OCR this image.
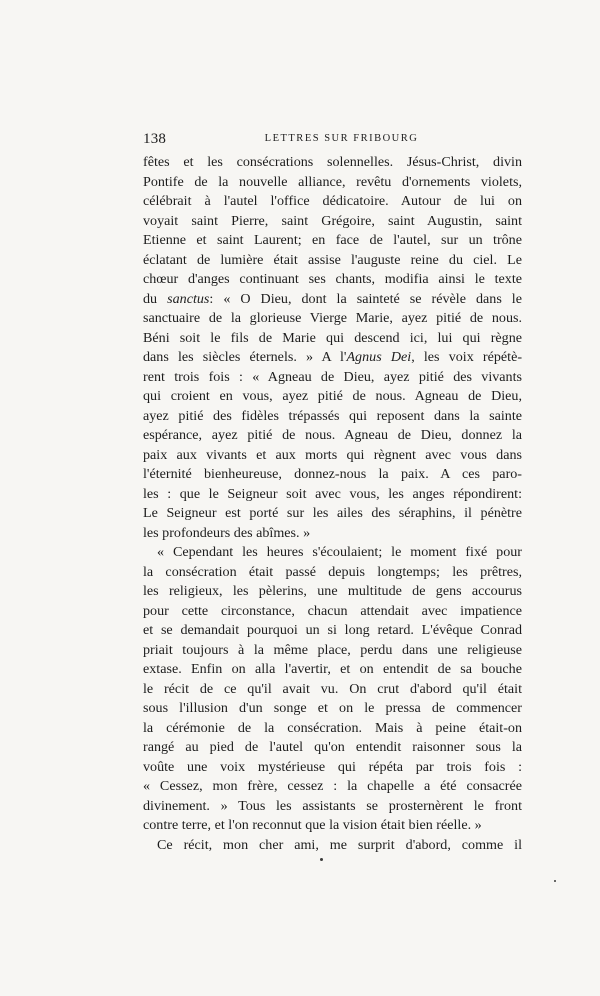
138	LETTRES SUR FRIBOURG
fêtes et les consécrations solennelles. Jésus-Christ, divin
Pontife de la nouvelle alliance, revêtu d'ornements violets,
célébrait à l'autel l'office dédicatoire. Autour de lui on
voyait saint Pierre, saint Grégoire, saint Augustin, saint
Etienne et saint Laurent; en face de l'autel, sur un trône
éclatant de lumière était assise l'auguste reine du ciel. Le
chœur d'anges continuant ses chants, modifia ainsi le texte
du sanctus: « O Dieu, dont la sainteté se révèle dans le
sanctuaire de la glorieuse Vierge Marie, ayez pitié de nous.
Béni soit le fils de Marie qui descend ici, lui qui règne
dans les siècles éternels. » A l'Agnus Dei, les voix répétè-
rent trois fois : « Agneau de Dieu, ayez pitié des vivants
qui croient en vous, ayez pitié de nous. Agneau de Dieu,
ayez pitié des fidèles trépassés qui reposent dans la sainte
espérance, ayez pitié de nous. Agneau de Dieu, donnez la
paix aux vivants et aux morts qui règnent avec vous dans
l'éternité bienheureuse, donnez-nous la paix. A ces paro-
les : que le Seigneur soit avec vous, les anges répondirent:
Le Seigneur est porté sur les ailes des séraphins, il pénètre
les profondeurs des abîmes. »
« Cependant les heures s'écoulaient; le moment fixé pour
la consécration était passé depuis longtemps; les prêtres,
les religieux, les pèlerins, une multitude de gens accourus
pour cette circonstance, chacun attendait avec impatience
et se demandait pourquoi un si long retard. L'évêque Conrad
priait toujours à la même place, perdu dans une religieuse
extase. Enfin on alla l'avertir, et on entendit de sa bouche
le récit de ce qu'il avait vu. On crut d'abord qu'il était
sous l'illusion d'un songe et on le pressa de commencer
la cérémonie de la consécration. Mais à peine était-on
rangé au pied de l'autel qu'on entendit raisonner sous la
voûte une voix mystérieuse qui répéta par trois fois :
« Cessez, mon frère, cessez : la chapelle a été consacrée
divinement. » Tous les assistants se prosternèrent le front
contre terre, et l'on reconnut que la vision était bien réelle. »
Ce récit, mon cher ami, me surprit d'abord, comme il
